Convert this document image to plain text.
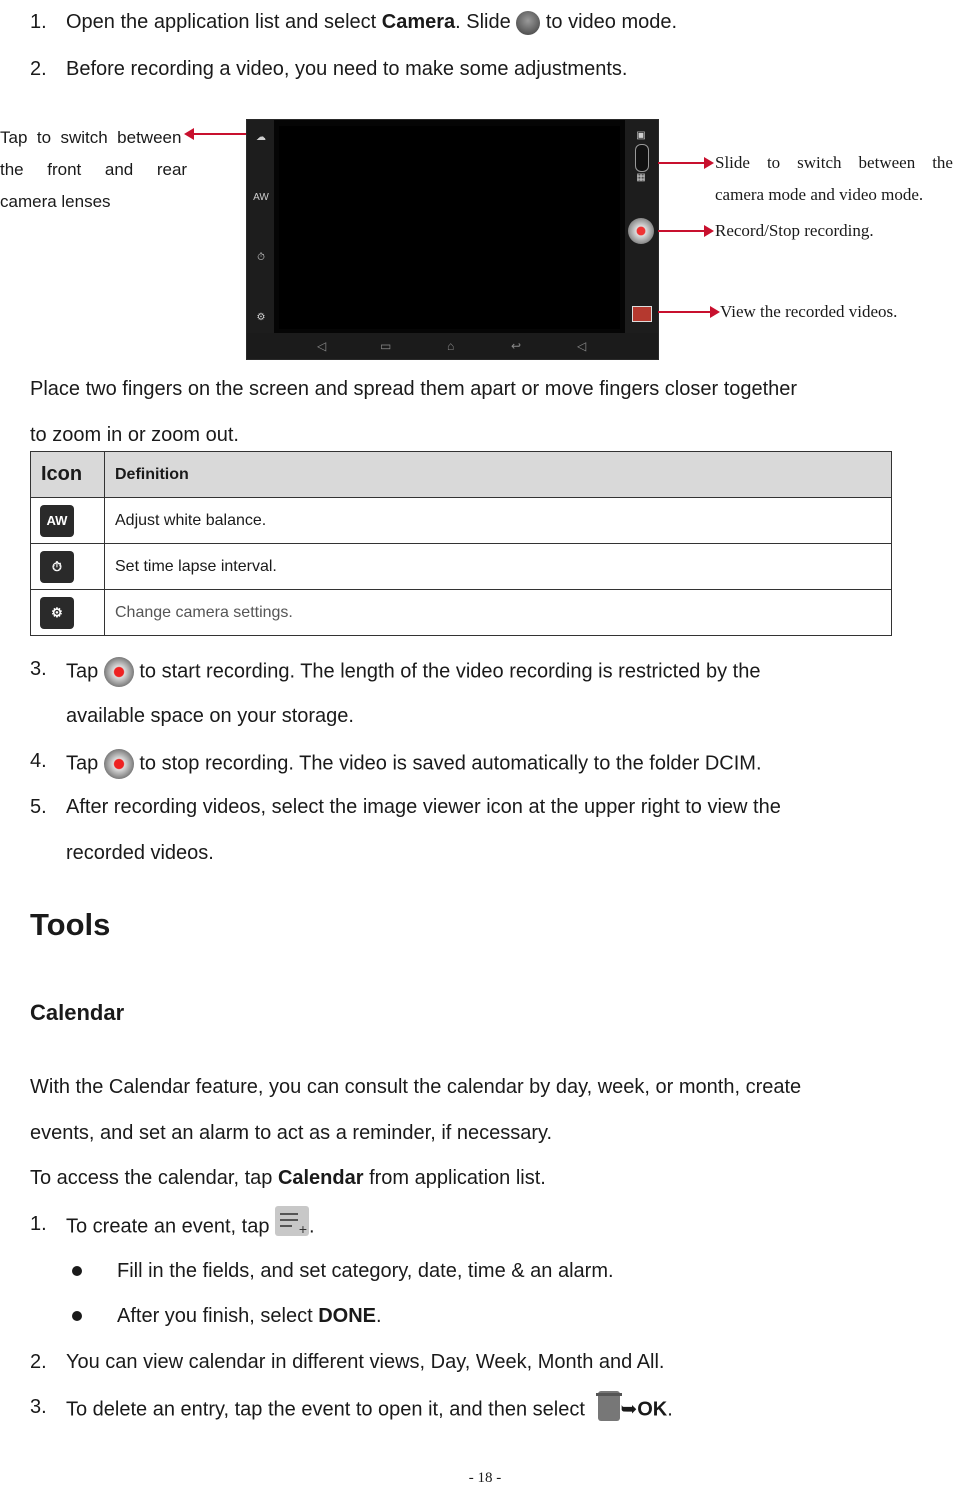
1. Open the application list and select Camera. Slide  to video mode.
2. Before recording a video, you need to make some adjustments.
Tap  to  switch  between
the     front     and     rear
camera lenses
☁
AW
⏱
⚙
▣
▦
◁	▭	⌂	↩	◁
Slide    to    switch    between    the
camera mode and video mode.
Record/Stop recording.
View the recorded videos.
Place two fingers on the screen and spread them apart or move fingers closer together
to zoom in or zoom out.
Icon	Definition

AW	Adjust white balance.

⏱	Set time lapse interval.

⚙	Change camera settings.
3. Tap  to start recording. The length of the video recording is restricted by the
available space on your storage.
4. Tap  to stop recording. The video is saved automatically to the folder DCIM.
5. After recording videos, select the image viewer icon at the upper right to view the
recorded videos.
Tools
Calendar
With the Calendar feature, you can consult the calendar by day, week, or month, create
events, and set an alarm to act as a reminder, if necessary.
To access the calendar, tap Calendar from application list.
1. To create an event, tap + .
Fill in the fields, and set category, date, time & an alarm.
After you finish, select DONE.
2. You can view calendar in different views, Day, Week, Month and All.
3. To delete an entry, tap the event to open it, and then select
➥OK.
- 18 -
